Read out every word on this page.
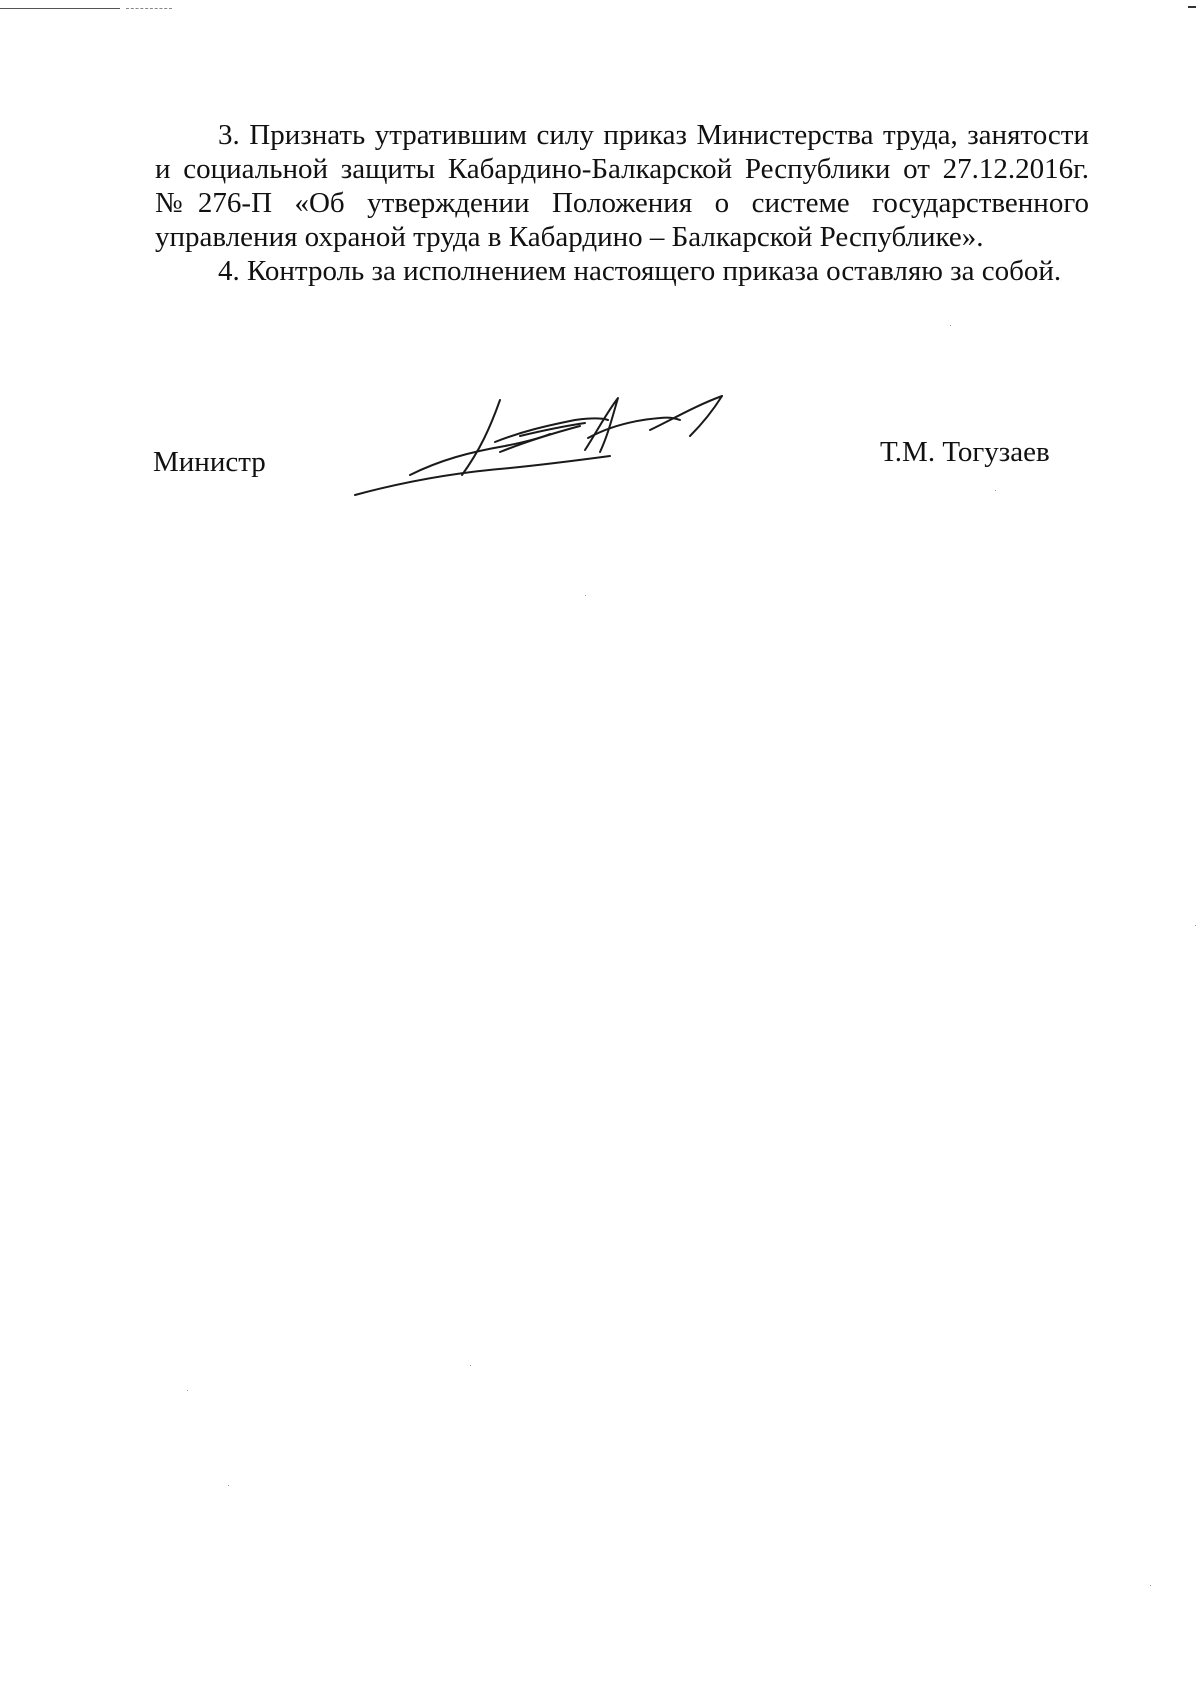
3. Признать утратившим силу приказ Министерства труда, занятости и социальной защиты Кабардино-Балкарской Республики от 27.12.2016г. №276-П «Об утверждении Положения о системе государственного управления охраной труда в Кабардино – Балкарской Республике».

4. Контроль за исполнением настоящего приказа оставляю за собой.

Министр	Т.М. Тогузаев
